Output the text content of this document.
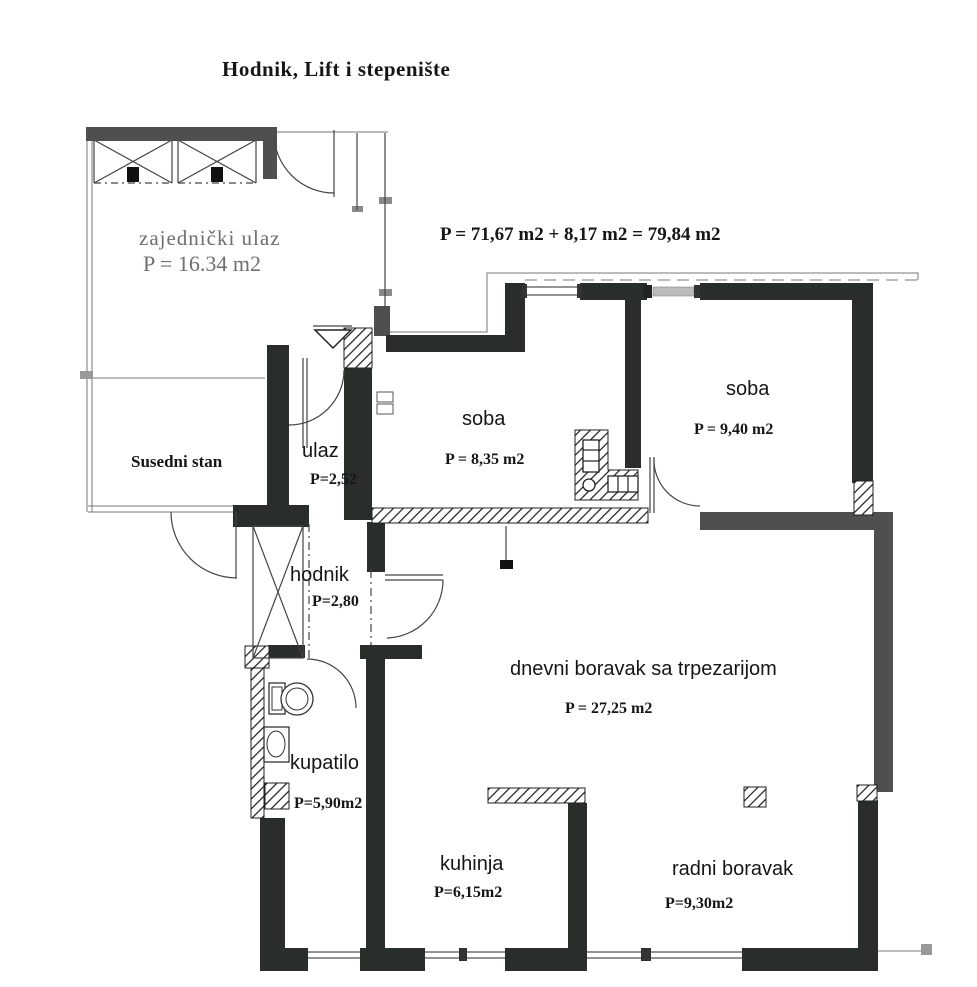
Hodnik, Lift i stepenište
P = 71,67 m2 + 8,17 m2 = 79,84 m2
zajednički ulaz
P = 16.34 m2
Susedni stan	ulaz
P=2,52
soba
P = 8,35 m2
soba
P = 9,40 m2
hodnik
P=2,80
dnevni boravak sa trpezarijom
P = 27,25 m2
kupatilo
P=5,90m2
kuhinja
P=6,15m2
radni boravak
P=9,30m2
